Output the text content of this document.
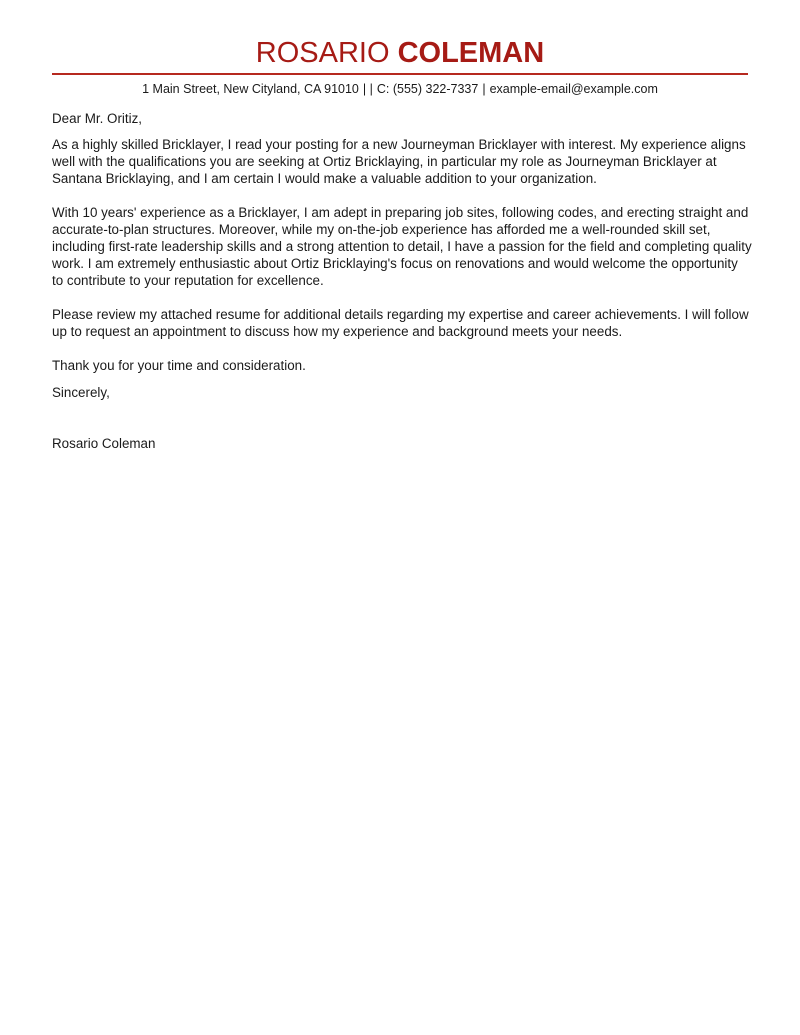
ROSARIO COLEMAN
1 Main Street, New Cityland, CA 91010 | | C: (555) 322-7337 | example-email@example.com
Dear Mr. Oritiz,

As a highly skilled Bricklayer, I read your posting for a new Journeyman Bricklayer with interest. My experience aligns well with the qualifications you are seeking at Ortiz Bricklaying, in particular my role as Journeyman Bricklayer at Santana Bricklaying, and I am certain I would make a valuable addition to your organization.

With 10 years' experience as a Bricklayer, I am adept in preparing job sites, following codes, and erecting straight and accurate-to-plan structures. Moreover, while my on-the-job experience has afforded me a well-rounded skill set, including first-rate leadership skills and a strong attention to detail, I have a passion for the field and completing quality work. I am extremely enthusiastic about Ortiz Bricklaying's focus on renovations and would welcome the opportunity to contribute to your reputation for excellence.

Please review my attached resume for additional details regarding my expertise and career achievements. I will follow up to request an appointment to discuss how my experience and background meets your needs.

Thank you for your time and consideration.
Sincerely,
Rosario Coleman
